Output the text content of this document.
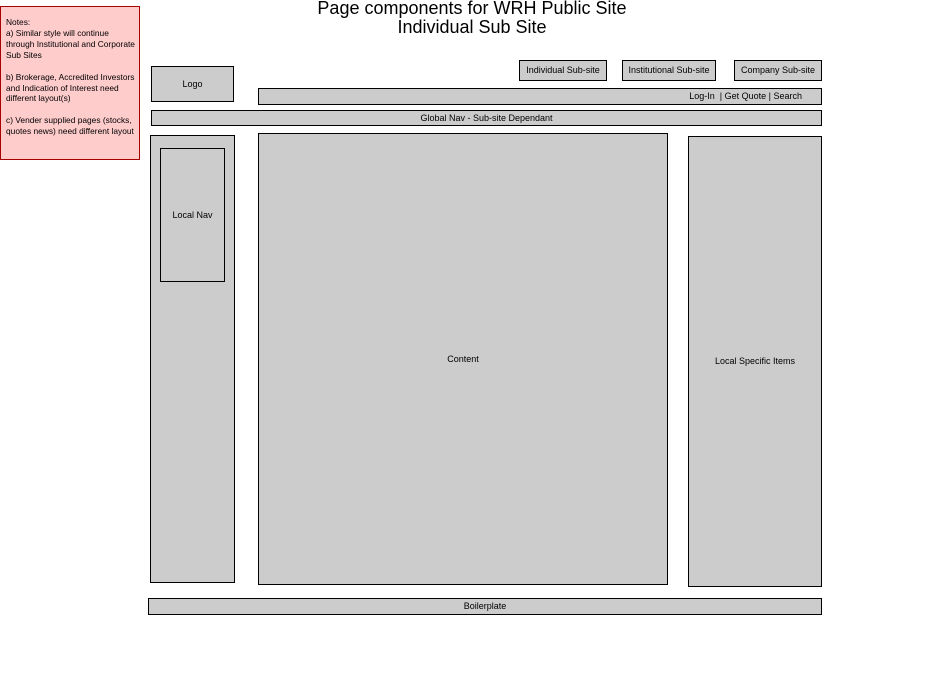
Page components for WRH Public Site
Individual Sub Site

Notes:

a) Similar style will continue through Institutional and Corporate Sub Sites

b) Brokerage, Accredited Investors and Indication of Interest need different layout(s)

c) Vender supplied pages (stocks, quotes news) need different layout

Logo
Individual Sub-site	Institutional Sub-site	Company Sub-site
Log-In  | Get Quote | Search
Global Nav - Sub-site Dependant
Local Nav
Content	Local Specific Items
Boilerplate
